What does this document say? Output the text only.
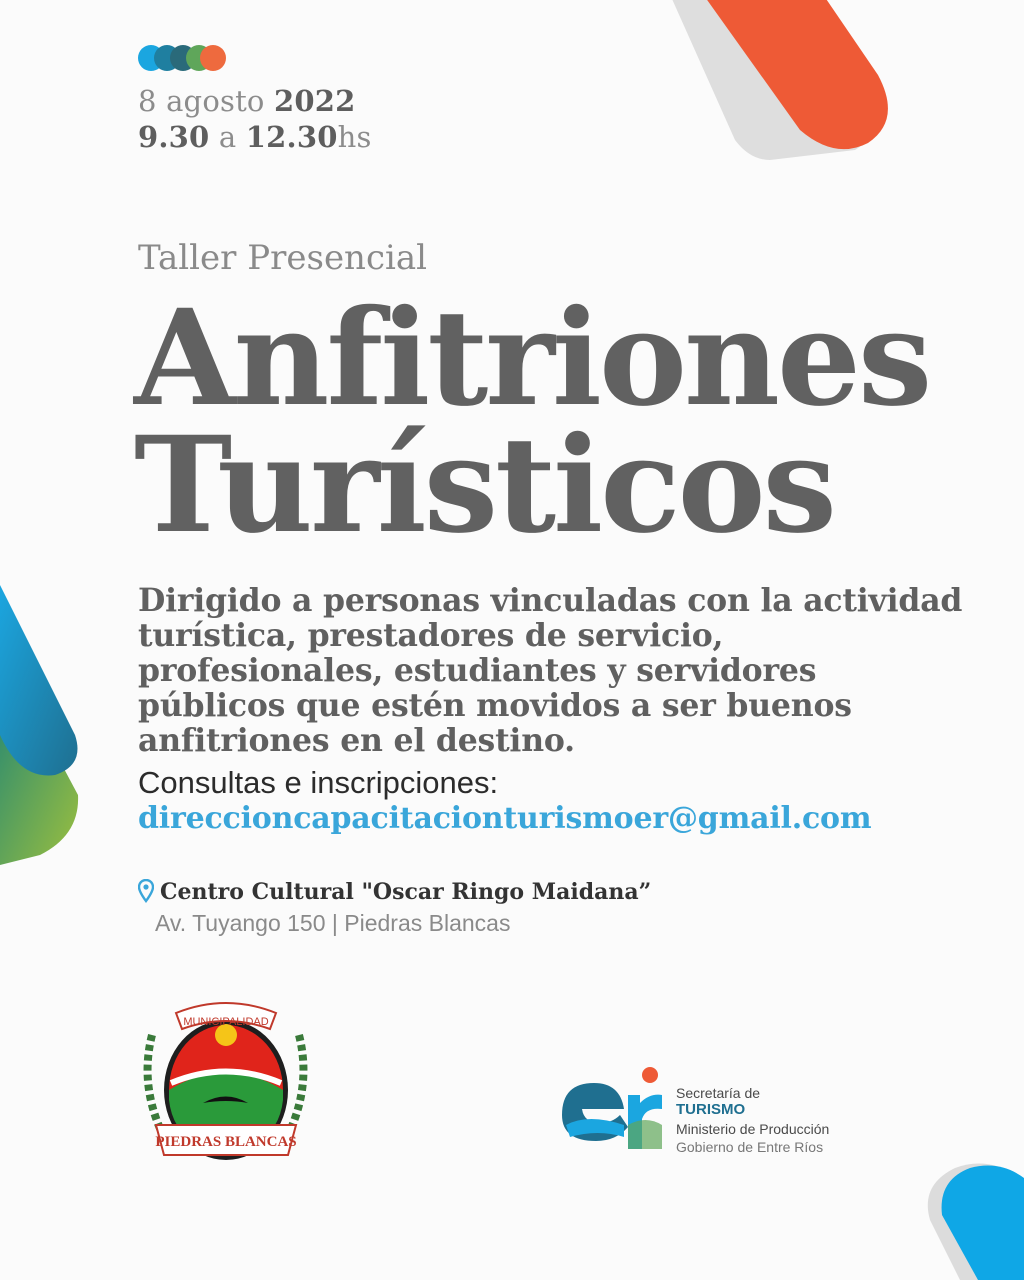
8 agosto 2022
9.30 a 12.30hs
Taller Presencial
Anfitriones
Turísticos
Dirigido a personas vinculadas con la actividad turística, prestadores de servicio, profesionales, estudiantes y servidores públicos que estén movidos a ser buenos anfitriones en el destino.
Consultas e inscripciones:
direccioncapacitacionturismoer@gmail.com
Centro Cultural "Oscar Ringo Maidana”
Av. Tuyango 150 | Piedras Blancas
MUNICIPALIDAD
PIEDRAS BLANCAS
Secretaría de
TURISMO
Ministerio de Producción
Gobierno de Entre Ríos
